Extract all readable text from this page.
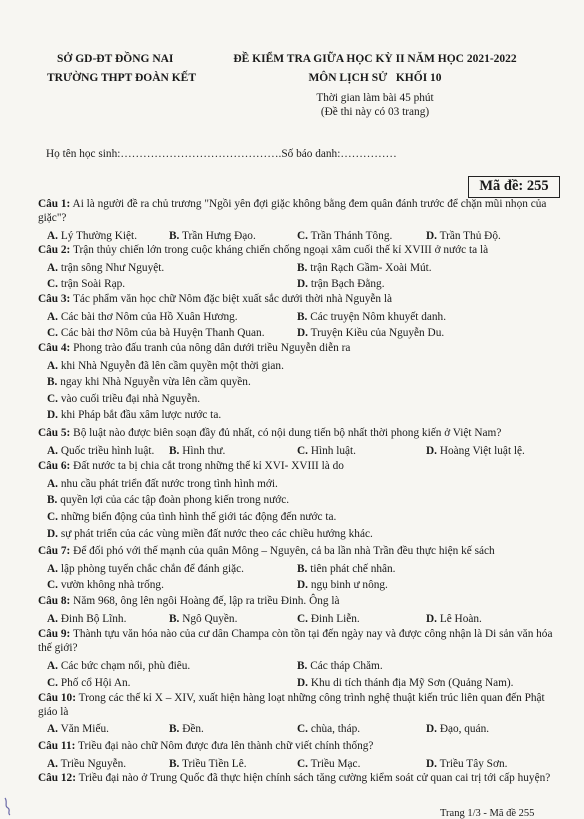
SỞ GD-ĐT ĐỒNG NAI
TRƯỜNG THPT ĐOÀN KẾT
ĐỀ KIỂM TRA GIỮA HỌC KỲ II NĂM HỌC 2021-2022
MÔN LỊCH SỬ   KHỐI 10
Thời gian làm bài 45 phút
(Đề thi này có 03 trang)
Họ tên học sinh:…………………………………….Số báo danh:……………
Mã đề: 255
Câu 1: Ai là người đề ra chủ trương "Ngồi yên đợi giặc không bằng đem quân đánh trước để chặn mũi nhọn của giặc"?
A. Lý Thường Kiệt.	B. Trần Hưng Đạo.	C. Trần Thánh Tông.	D. Trần Thủ Độ.
Câu 2: Trận thủy chiến lớn trong cuộc kháng chiến chống ngoại xâm cuối thế kỉ XVIII ở nước ta là
A. trận sông Như Nguyệt.	B. trận Rạch Gầm- Xoài Mút.
C. trận Soài Rạp.	D. trận Bạch Đằng.
Câu 3: Tác phẩm văn học chữ Nôm đặc biệt xuất sắc dưới thời nhà Nguyễn là
A. Các bài thơ Nôm của Hồ Xuân Hương.	B. Các truyện Nôm khuyết danh.
C. Các bài thơ Nôm của bà Huyện Thanh Quan.	D. Truyện Kiều của Nguyễn Du.
Câu 4: Phong trào đấu tranh của nông dân dưới triều Nguyễn diễn ra
A. khi Nhà Nguyễn đã lên cầm quyền một thời gian.
B. ngay khi Nhà Nguyễn vừa lên cầm quyền.
C. vào cuối triều đại nhà Nguyễn.
D. khi Pháp bắt đầu xâm lược nước ta.
Câu 5: Bộ luật nào được biên soạn đầy đủ nhất, có nội dung tiến bộ nhất thời phong kiến ở Việt Nam?
A. Quốc triều hình luật. B. Hình thư.	C. Hình luật.	D. Hoàng Việt luật lệ.
Câu 6: Đất nước ta bị chia cắt trong những thế kỉ XVI- XVIII là do
A. nhu cầu phát triển đất nước trong tình hình mới.
B. quyền lợi của các tập đoàn phong kiến trong nước.
C. những biến động của tình hình thế giới tác động đến nước ta.
D. sự phát triển của các vùng miền đất nước theo các chiều hướng khác.
Câu 7: Để đối phó với thế mạnh của quân Mông – Nguyên, cả ba lần nhà Trần đều thực hiện kế sách
A. lập phòng tuyến chắc chắn để đánh giặc.	B. tiên phát chế nhân.
C. vườn không nhà trống.	D. ngụ binh ư nông.
Câu 8: Năm 968, ông lên ngôi Hoàng đế, lập ra triều Đinh. Ông là
A. Đinh Bộ Lĩnh.	B. Ngô Quyền.	C. Đinh Liễn.	D. Lê Hoàn.
Câu 9: Thành tựu văn hóa nào của cư dân Champa còn tồn tại đến ngày nay và được công nhận là Di sản văn hóa thế giới?
A. Các bức chạm nổi, phù điêu.	B. Các tháp Chăm.
C. Phố cổ Hội An.	D. Khu di tích thánh địa Mỹ Sơn (Quảng Nam).
Câu 10: Trong các thế kỉ X – XIV, xuất hiện hàng loạt những công trình nghệ thuật kiến trúc liên quan đến Phật giáo là
A. Văn Miếu.	B. Đền.	C. chùa, tháp.	D. Đạo, quán.
Câu 11: Triều đại nào chữ Nôm được đưa lên thành chữ viết chính thống?
A. Triều Nguyễn.	B. Triều Tiền Lê.	C. Triều Mạc.	D. Triều Tây Sơn.
Câu 12: Triều đại nào ở Trung Quốc đã thực hiện chính sách tăng cường kiểm soát cử quan cai trị tới cấp huyện?
Trang 1/3 - Mã đề 255
